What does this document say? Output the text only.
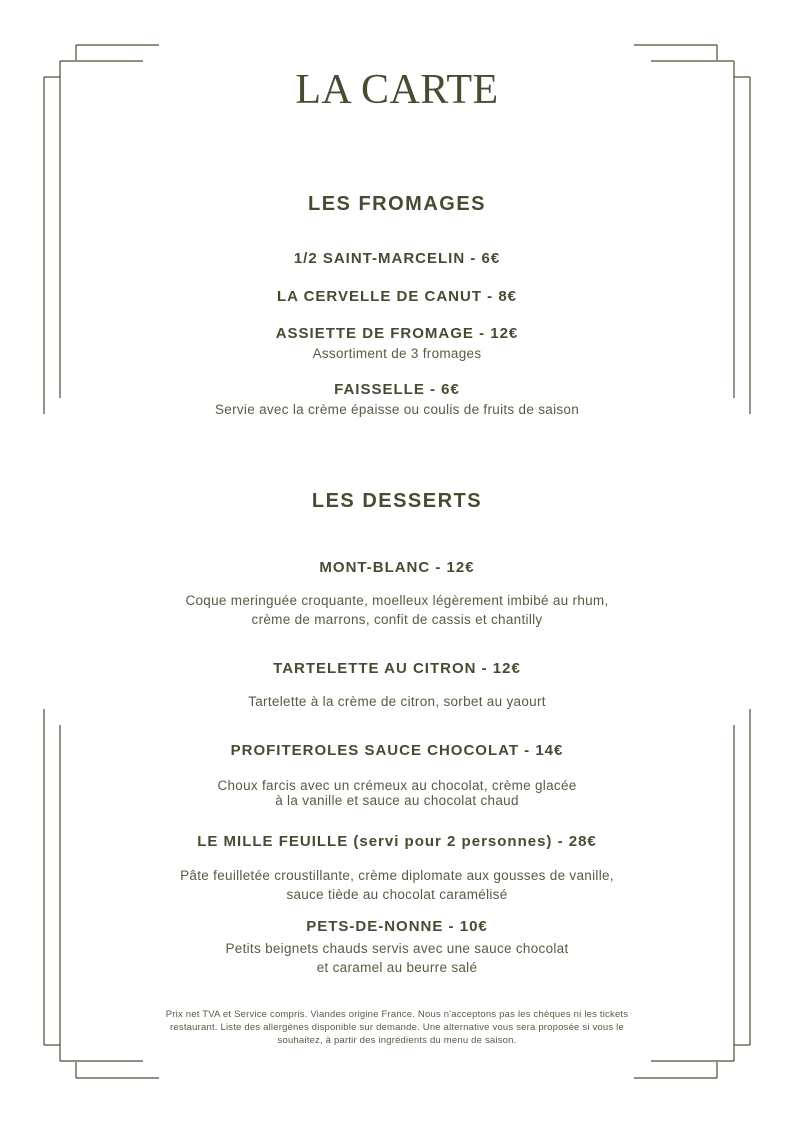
LA CARTE
LES FROMAGES

1/2 SAINT-MARCELIN - 6€

LA CERVELLE DE CANUT - 8€

ASSIETTE DE FROMAGE - 12€

Assortiment de 3 fromages

FAISSELLE - 6€

Servie avec la crème épaisse ou coulis de fruits de saison

LES DESSERTS

MONT-BLANC - 12€

Coque meringuée croquante, moelleux légèrement imbibé au rhum,

crème de marrons, confit de cassis et chantilly

TARTELETTE AU CITRON - 12€

Tartelette à la crème de citron, sorbet au yaourt

PROFITEROLES SAUCE CHOCOLAT - 14€

Choux farcis avec un crémeux au chocolat, crème glacée

à la vanille et sauce au chocolat chaud

LE MILLE FEUILLE (servi pour 2 personnes) - 28€

Pâte feuilletée croustillante, crème diplomate aux gousses de vanille,

sauce tiède au chocolat caramélisé

PETS-DE-NONNE - 10€

Petits beignets chauds servis avec une sauce chocolat

et caramel au beurre salé

Prix net TVA et Service compris. Viandes origine France. Nous n'acceptons pas les chèques ni les tickets
restaurant. Liste des allergènes disponible sur demande. Une alternative vous sera proposée si vous le
souhaitez, à partir des ingrédients du menu de saison.
